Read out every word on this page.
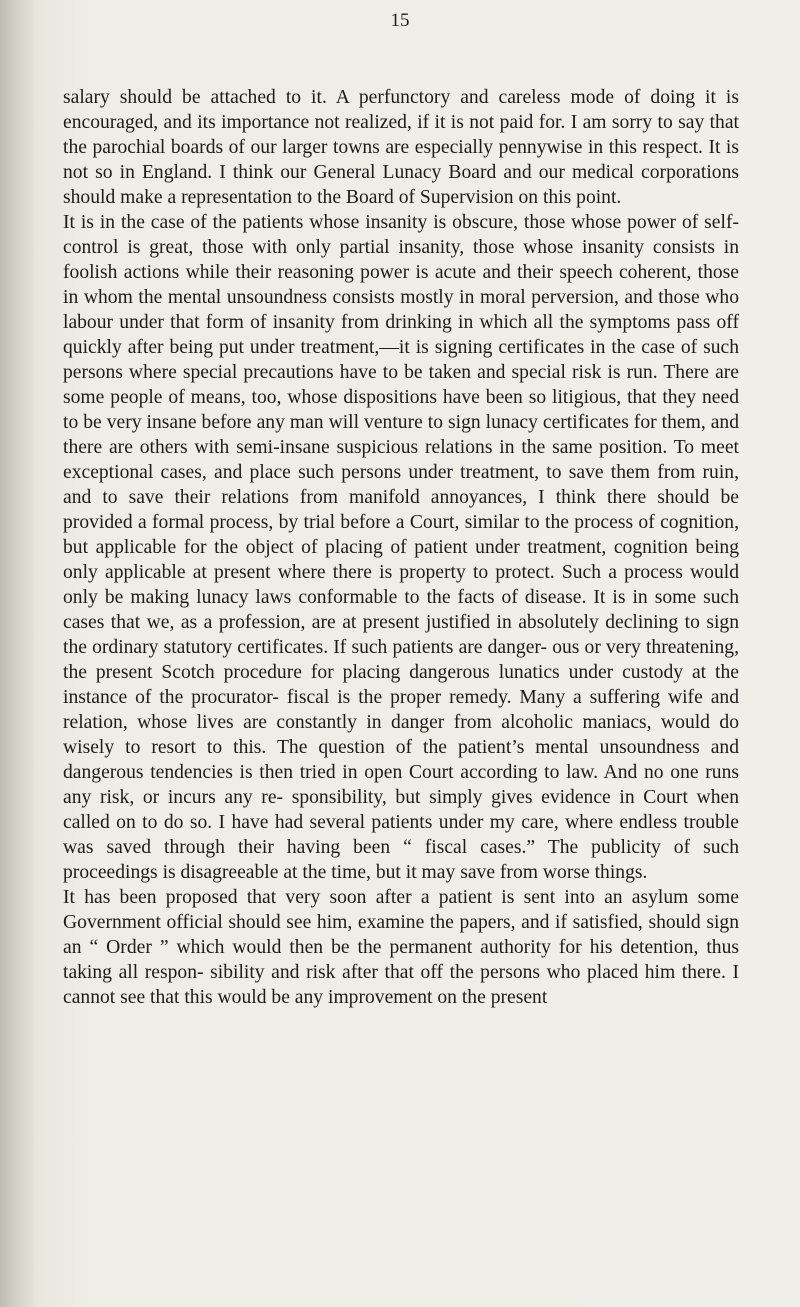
15

salary should be attached to it. A perfunctory and careless mode of doing it is encouraged, and its importance not realized, if it is not paid for. I am sorry to say that the parochial boards of our larger towns are especially pennywise in this respect. It is not so in England. I think our General Lunacy Board and our medical corporations should make a representation to the Board of Supervision on this point.

It is in the case of the patients whose insanity is obscure, those whose power of self-control is great, those with only partial insanity, those whose insanity consists in foolish actions while their reasoning power is acute and their speech coherent, those in whom the mental unsoundness consists mostly in moral perversion, and those who labour under that form of insanity from drinking in which all the symptoms pass off quickly after being put under treatment,—it is signing certificates in the case of such persons where special precautions have to be taken and special risk is run. There are some people of means, too, whose dispositions have been so litigious, that they need to be very insane before any man will venture to sign lunacy certificates for them, and there are others with semi-insane suspicious relations in the same position. To meet exceptional cases, and place such persons under treatment, to save them from ruin, and to save their relations from manifold annoyances, I think there should be provided a formal process, by trial before a Court, similar to the process of cognition, but applicable for the object of placing of patient under treatment, cognition being only applicable at present where there is property to protect. Such a process would only be making lunacy laws conformable to the facts of disease. It is in some such cases that we, as a profession, are at present justified in absolutely declining to sign the ordinary statutory certificates. If such patients are danger- ous or very threatening, the present Scotch procedure for placing dangerous lunatics under custody at the instance of the procurator- fiscal is the proper remedy. Many a suffering wife and relation, whose lives are constantly in danger from alcoholic maniacs, would do wisely to resort to this. The question of the patient’s mental unsoundness and dangerous tendencies is then tried in open Court according to law. And no one runs any risk, or incurs any re- sponsibility, but simply gives evidence in Court when called on to do so. I have had several patients under my care, where endless trouble was saved through their having been “ fiscal cases.” The publicity of such proceedings is disagreeable at the time, but it may save from worse things.

It has been proposed that very soon after a patient is sent into an asylum some Government official should see him, examine the papers, and if satisfied, should sign an “ Order ” which would then be the permanent authority for his detention, thus taking all respon- sibility and risk after that off the persons who placed him there. I cannot see that this would be any improvement on the present
